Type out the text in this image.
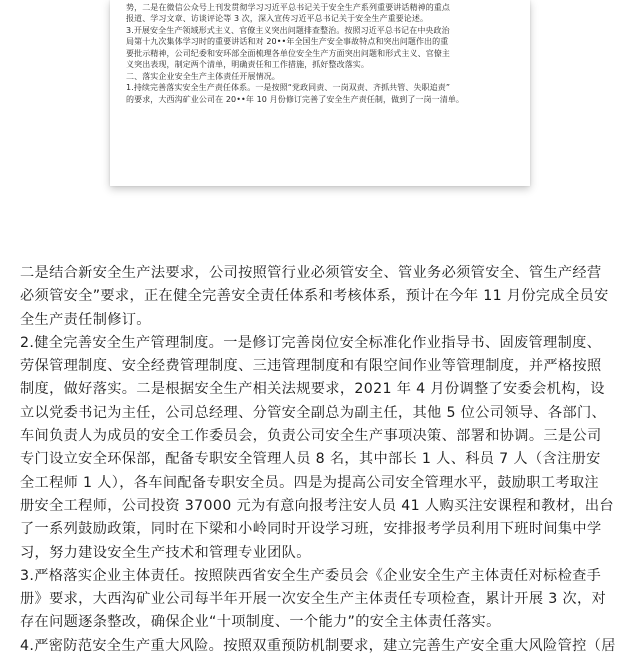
势，二是在微信公众号上刊发贯彻学习习近平总书记关于安全生产系列重要讲话精神的重点
报道、学习文章、访谈评论等 3 次，深入宣传习近平总书记关于安全生产重要论述。
3.开展安全生产领域形式主义、官僚主义突出问题排查整治。按照习近平总书记在中央政治
局第十九次集体学习时的重要讲话和对 20••年全国生产安全事故特点和突出问题作出的重
要批示精神，公司纪委和安环部全面梳理各单位安全生产方面突出问题和形式主义、官僚主
义突出表现，制定两个清单，明确责任和工作措施，抓好整改落实。
二、落实企业安全生产主体责任开展情况。
1.持续完善落实安全生产责任体系。一是按照“党政同责、一岗双责、齐抓共管、失职追责”
的要求，大西沟矿业公司在 20••年 10 月份修订完善了安全生产责任制，做到了一岗一清单。
二是结合新安全生产法要求，公司按照管行业必须管安全、管业务必须管安全、管生产经营
必须管安全”要求，正在健全完善安全责任体系和考核体系，预计在今年 11 月份完成全员安
全生产责任制修订。
2.健全完善安全生产管理制度。一是修订完善岗位安全标准化作业指导书、固废管理制度、
劳保管理制度、安全经费管理制度、三违管理制度和有限空间作业等管理制度，并严格按照
制度，做好落实。二是根据安全生产相关法规要求，2021 年 4 月份调整了安委会机构，设
立以党委书记为主任，公司总经理、分管安全副总为副主任，其他 5 位公司领导、各部门、
车间负责人为成员的安全工作委员会，负责公司安全生产事项决策、部署和协调。三是公司
专门设立安全环保部，配备专职安全管理人员 8 名，其中部长 1 人、科员 7 人（含注册安
全工程师 1 人），各车间配备专职安全员。四是为提高公司安全管理水平，鼓励职工考取注
册安全工程师，公司投资 37000 元为有意向报考注安人员 41 人购买注安课程和教材，出台
了一系列鼓励政策，同时在下梁和小岭同时开设学习班，安排报考学员利用下班时间集中学
习，努力建设安全生产技术和管理专业团队。
3.严格落实企业主体责任。按照陕西省安全生产委员会《企业安全生产主体责任对标检查手
册》要求，大西沟矿业公司每半年开展一次安全生产主体责任专项检查，累计开展 3 次，对
存在问题逐条整改，确保企业“十项制度、一个能力”的安全主体责任落实。
4.严密防范安全生产重大风险。按照双重预防机制要求，建立完善生产安全重大风险管控（居
